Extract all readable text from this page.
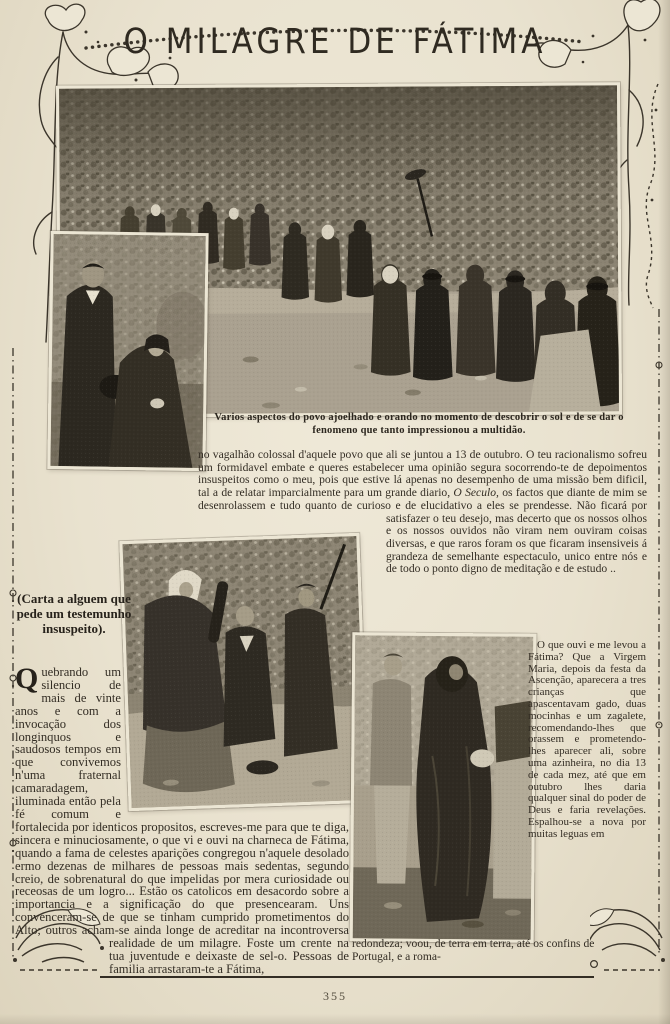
O MILAGRE DE FÁTIMA
Varios aspectos do povo ajoelhado e orando no momento de descobrir o sol e de se dar o fenomeno que tanto impressionou a multidão.
no vagalhão colossal d'aquele povo que ali se juntou a 13 de outubro. O teu racionalismo sofreu um formidavel embate e queres estabelecer uma opinião segura socorrendo-te de depoimentos insuspeitos como o meu, pois que estive lá apenas no desempenho de uma missão bem dificil, tal a de relatar imparcialmente para um grande diario, O Seculo, os factos que diante de mim se desenrolassem e tudo quanto de curioso e de elucidativo a eles se prendesse.
Não ficará por satisfazer o teu desejo, mas decerto que os nossos olhos e os nossos ouvidos não viram nem ouviram coisas diversas, e que raros foram os que ficaram insensiveis á grandeza de semelhante espectaculo, unico entre nós e de todo o ponto digno de meditação e de estudo ..
(Carta a alguem que pede um testemunho insuspeito).
Quebrando um silencio de mais de vinte anos e com a invocação dos longinquos e saudosos tempos em que convivemos n'uma fraternal camaradagem, iluminada então pela fé comum e fortalecida por identicos propositos, escreves-me para que te diga, sincera e minuciosamente, o que vi e ouvi na charneca de Fátima, quando a fama de celestes aparições congregou n'aquele desolado ermo dezenas de milhares de pessoas mais sedentas, segundo creio, de sobrenatural do que impelidas por mera curiosidade ou receosas de um logro... Estão os catolicos em desacordo sobre a importancia e a significação do que presencearam. Uns convenceram-se de que se tinham cumprido prometimentos do Alto; outros acham-se ainda longe de acreditar na incontroversa
realidade de um milagre. Foste um crente na tua juventude e deixaste de sel-o. Pessoas de familia arrastaram-te a Fátima,
O que ouvi e me levou a Fátima? Que a Virgem Maria, depois da festa da Ascenção, aparecera a tres crianças que apascentavam gado, duas mocinhas e um zagalete, recomendando-lhes que orassem e prometendo-lhes aparecer ali, sobre uma azinheira, no dia 13 de cada mez, até que em outubro lhes daria qualquer sinal do poder de Deus e faria revelações. Espalhou-se a nova por muitas leguas em
redondeza; voou, de terra em terra, até os confins de Portugal, e a roma-
355
